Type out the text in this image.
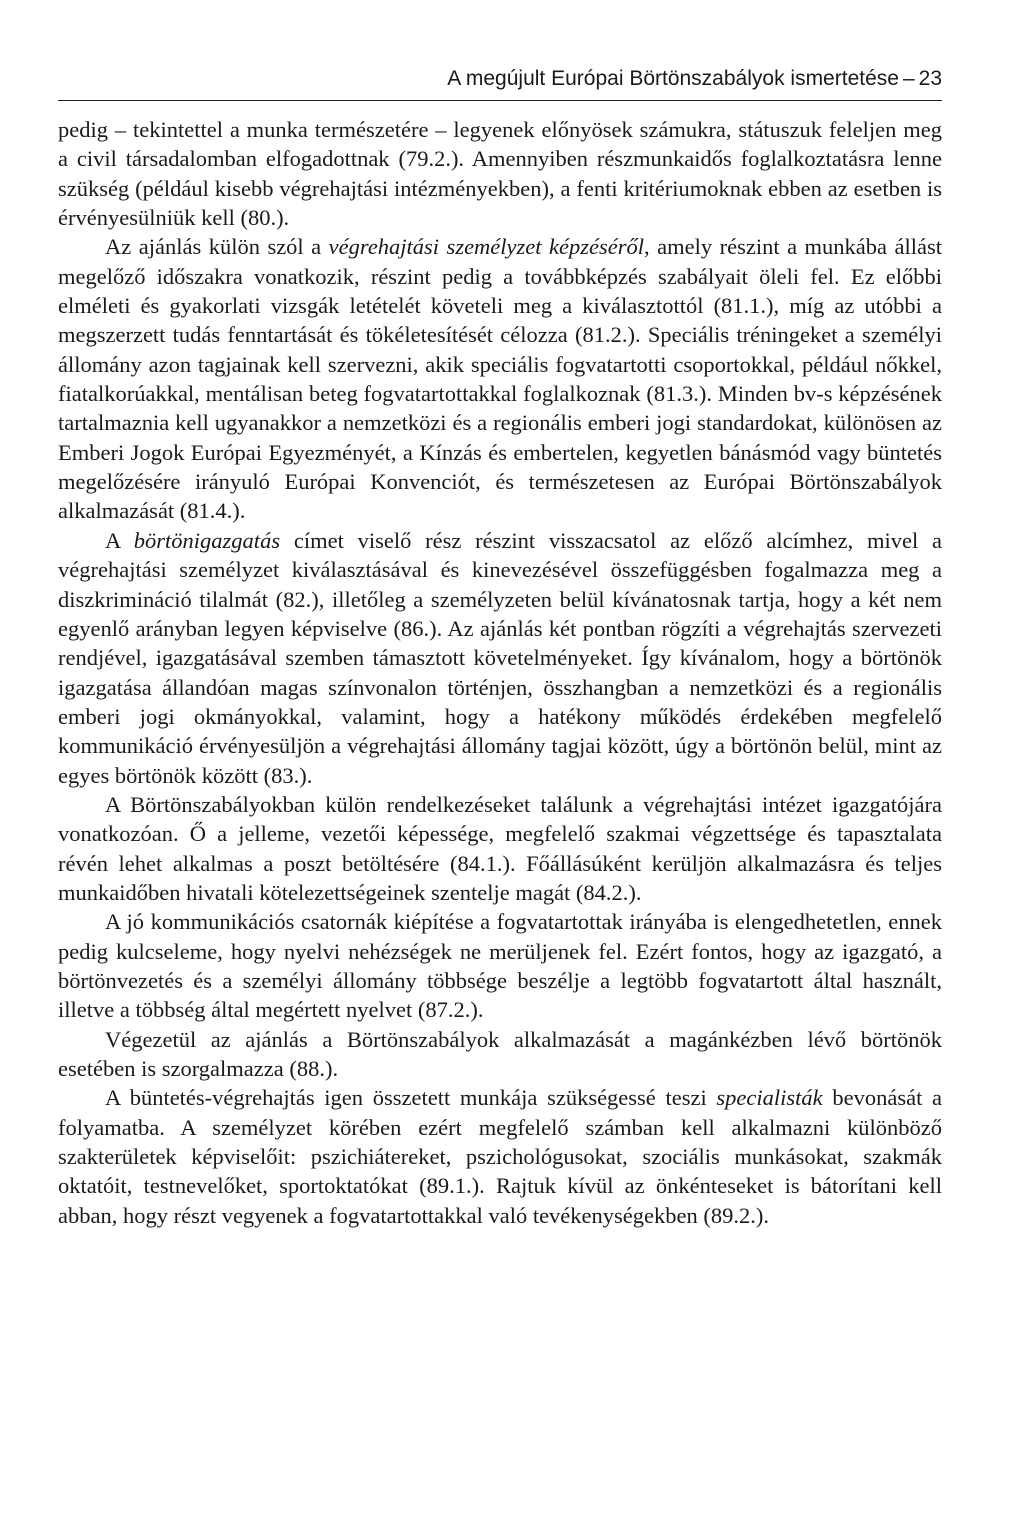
A megújult Európai Börtönszabályok ismertetése – 23

pedig – tekintettel a munka természetére – legyenek előnyösek számukra, státuszuk feleljen meg a civil társadalomban elfogadottnak (79.2.). Amennyiben részmunkaidős foglalkoztatásra lenne szükség (például kisebb végrehajtási intézményekben), a fenti kritériumoknak ebben az esetben is érvényesülniük kell (80.).

Az ajánlás külön szól a végrehajtási személyzet képzéséről, amely részint a munkába állást megelőző időszakra vonatkozik, részint pedig a továbbképzés szabályait öleli fel. Ez előbbi elméleti és gyakorlati vizsgák letételét követeli meg a kiválasztottól (81.1.), míg az utóbbi a megszerzett tudás fenntartását és tökéletesítését célozza (81.2.). Speciális tréningeket a személyi állomány azon tagjainak kell szervezni, akik speciális fogvatartotti csoportokkal, például nőkkel, fiatalkorúakkal, mentálisan beteg fogvatartottakkal foglalkoznak (81.3.). Minden bv-s képzésének tartalmaznia kell ugyanakkor a nemzetközi és a regionális emberi jogi standardokat, különösen az Emberi Jogok Európai Egyezményét, a Kínzás és embertelen, kegyetlen bánásmód vagy büntetés megelőzésére irányuló Európai Konvenciót, és természetesen az Európai Börtönszabályok alkalmazását (81.4.).

A börtönigazgatás címet viselő rész részint visszacsatol az előző alcímhez, mivel a végrehajtási személyzet kiválasztásával és kinevezésével összefüggésben fogalmazza meg a diszkrimináció tilalmát (82.), illetőleg a személyzeten belül kívánatosnak tartja, hogy a két nem egyenlő arányban legyen képviselve (86.). Az ajánlás két pontban rögzíti a végrehajtás szervezeti rendjével, igazgatásával szemben támasztott követelményeket. Így kívánalom, hogy a börtönök igazgatása állandóan magas színvonalon történjen, összhangban a nemzetközi és a regionális emberi jogi okmányokkal, valamint, hogy a hatékony működés érdekében megfelelő kommunikáció érvényesüljön a végrehajtási állomány tagjai között, úgy a börtönön belül, mint az egyes börtönök között (83.).

A Börtönszabályokban külön rendelkezéseket találunk a végrehajtási intézet igazgatójára vonatkozóan. Ő a jelleme, vezetői képessége, megfelelő szakmai végzettsége és tapasztalata révén lehet alkalmas a poszt betöltésére (84.1.). Főállásúként kerüljön alkalmazásra és teljes munkaidőben hivatali kötelezettségeinek szentelje magát (84.2.).

A jó kommunikációs csatornák kiépítése a fogvatartottak irányába is elengedhetetlen, ennek pedig kulcseleme, hogy nyelvi nehézségek ne merüljenek fel. Ezért fontos, hogy az igazgató, a börtönvezetés és a személyi állomány többsége beszélje a legtöbb fogvatartott által használt, illetve a többség által megértett nyelvet (87.2.).

Végezetül az ajánlás a Börtönszabályok alkalmazását a magánkézben lévő börtönök esetében is szorgalmazza (88.).

A büntetés-végrehajtás igen összetett munkája szükségessé teszi specialisták bevonását a folyamatba. A személyzet körében ezért megfelelő számban kell alkalmazni különböző szakterületek képviselőit: pszichiátereket, pszichológusokat, szociális munkásokat, szakmák oktatóit, testnevelőket, sportoktatókat (89.1.). Rajtuk kívül az önkénteseket is bátorítani kell abban, hogy részt vegyenek a fogvatartottakkal való tevékenységekben (89.2.).
